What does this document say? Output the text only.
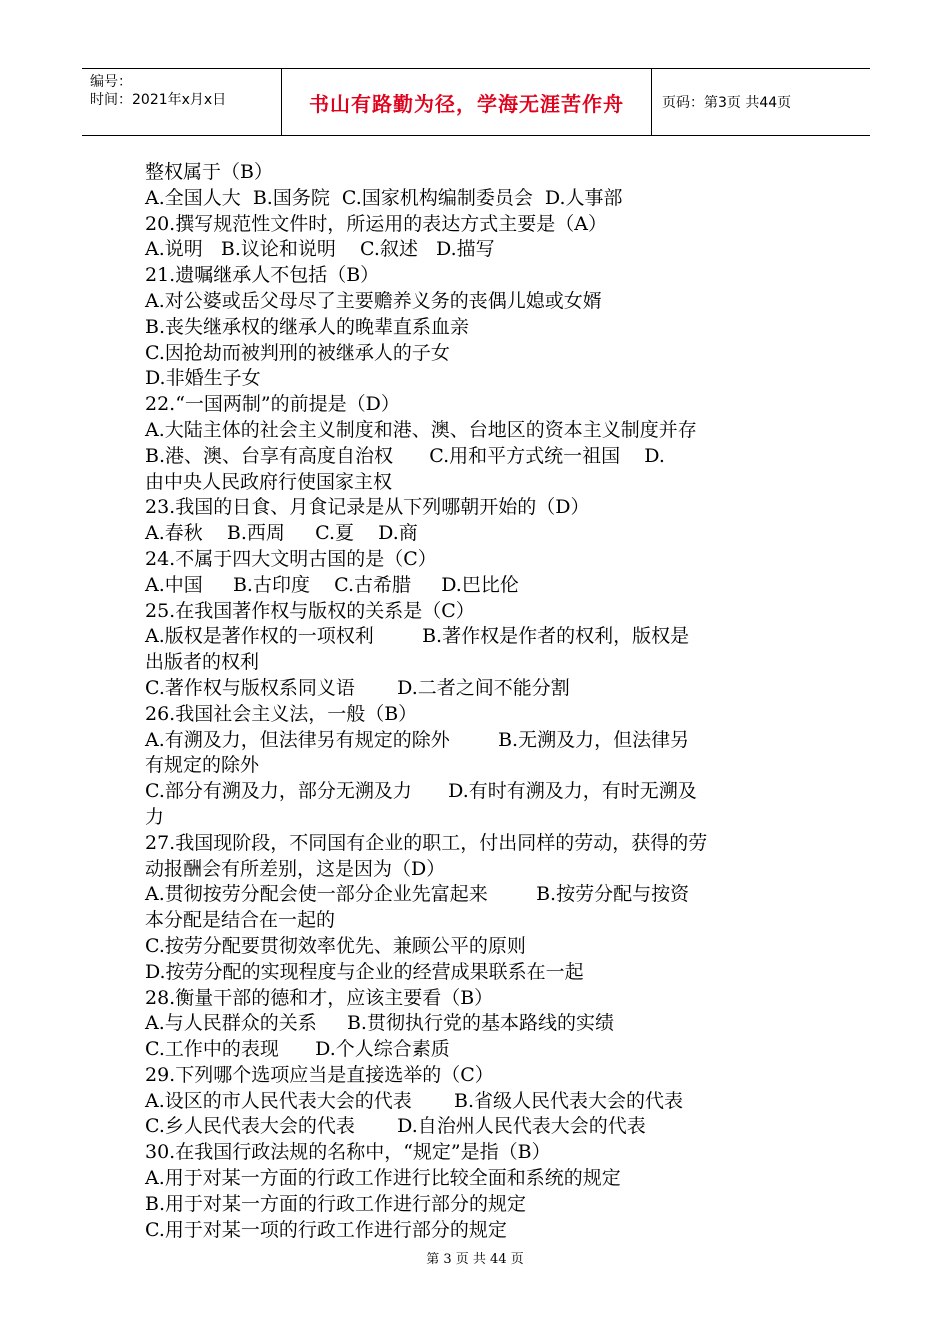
编号：
时间：2021年x月x日	书山有路勤为径，学海无涯苦作舟	页码：第3页 共44页
整权属于（B）
A.全国人大  B.国务院  C.国家机构编制委员会  D.人事部
20.撰写规范性文件时，所运用的表达方式主要是（A）
A.说明   B.议论和说明    C.叙述   D.描写
21.遗嘱继承人不包括（B）
A.对公婆或岳父母尽了主要赡养义务的丧偶儿媳或女婿
B.丧失继承权的继承人的晚辈直系血亲
C.因抢劫而被判刑的被继承人的子女
D.非婚生子女
22.“一国两制”的前提是（D）
A.大陆主体的社会主义制度和港、澳、台地区的资本主义制度并存
B.港、澳、台享有高度自治权      C.用和平方式统一祖国    D.
由中央人民政府行使国家主权
23.我国的日食、月食记录是从下列哪朝开始的（D）
A.春秋    B.西周     C.夏    D.商
24.不属于四大文明古国的是（C）
A.中国     B.古印度    C.古希腊     D.巴比伦
25.在我国著作权与版权的关系是（C）
A.版权是著作权的一项权利        B.著作权是作者的权利，版权是
出版者的权利
C.著作权与版权系同义语       D.二者之间不能分割
26.我国社会主义法，一般（B）
A.有溯及力，但法律另有规定的除外        B.无溯及力，但法律另
有规定的除外
C.部分有溯及力，部分无溯及力      D.有时有溯及力，有时无溯及
力
27.我国现阶段，不同国有企业的职工，付出同样的劳动，获得的劳
动报酬会有所差别，这是因为（D）
A.贯彻按劳分配会使一部分企业先富起来        B.按劳分配与按资
本分配是结合在一起的
C.按劳分配要贯彻效率优先、兼顾公平的原则
D.按劳分配的实现程度与企业的经营成果联系在一起
28.衡量干部的德和才，应该主要看（B）
A.与人民群众的关系     B.贯彻执行党的基本路线的实绩
C.工作中的表现      D.个人综合素质
29.下列哪个选项应当是直接选举的（C）
A.设区的市人民代表大会的代表       B.省级人民代表大会的代表
C.乡人民代表大会的代表       D.自治州人民代表大会的代表
30.在我国行政法规的名称中，“规定”是指（B）
A.用于对某一方面的行政工作进行比较全面和系统的规定
B.用于对某一方面的行政工作进行部分的规定
C.用于对某一项的行政工作进行部分的规定
第 3 页 共 44 页
